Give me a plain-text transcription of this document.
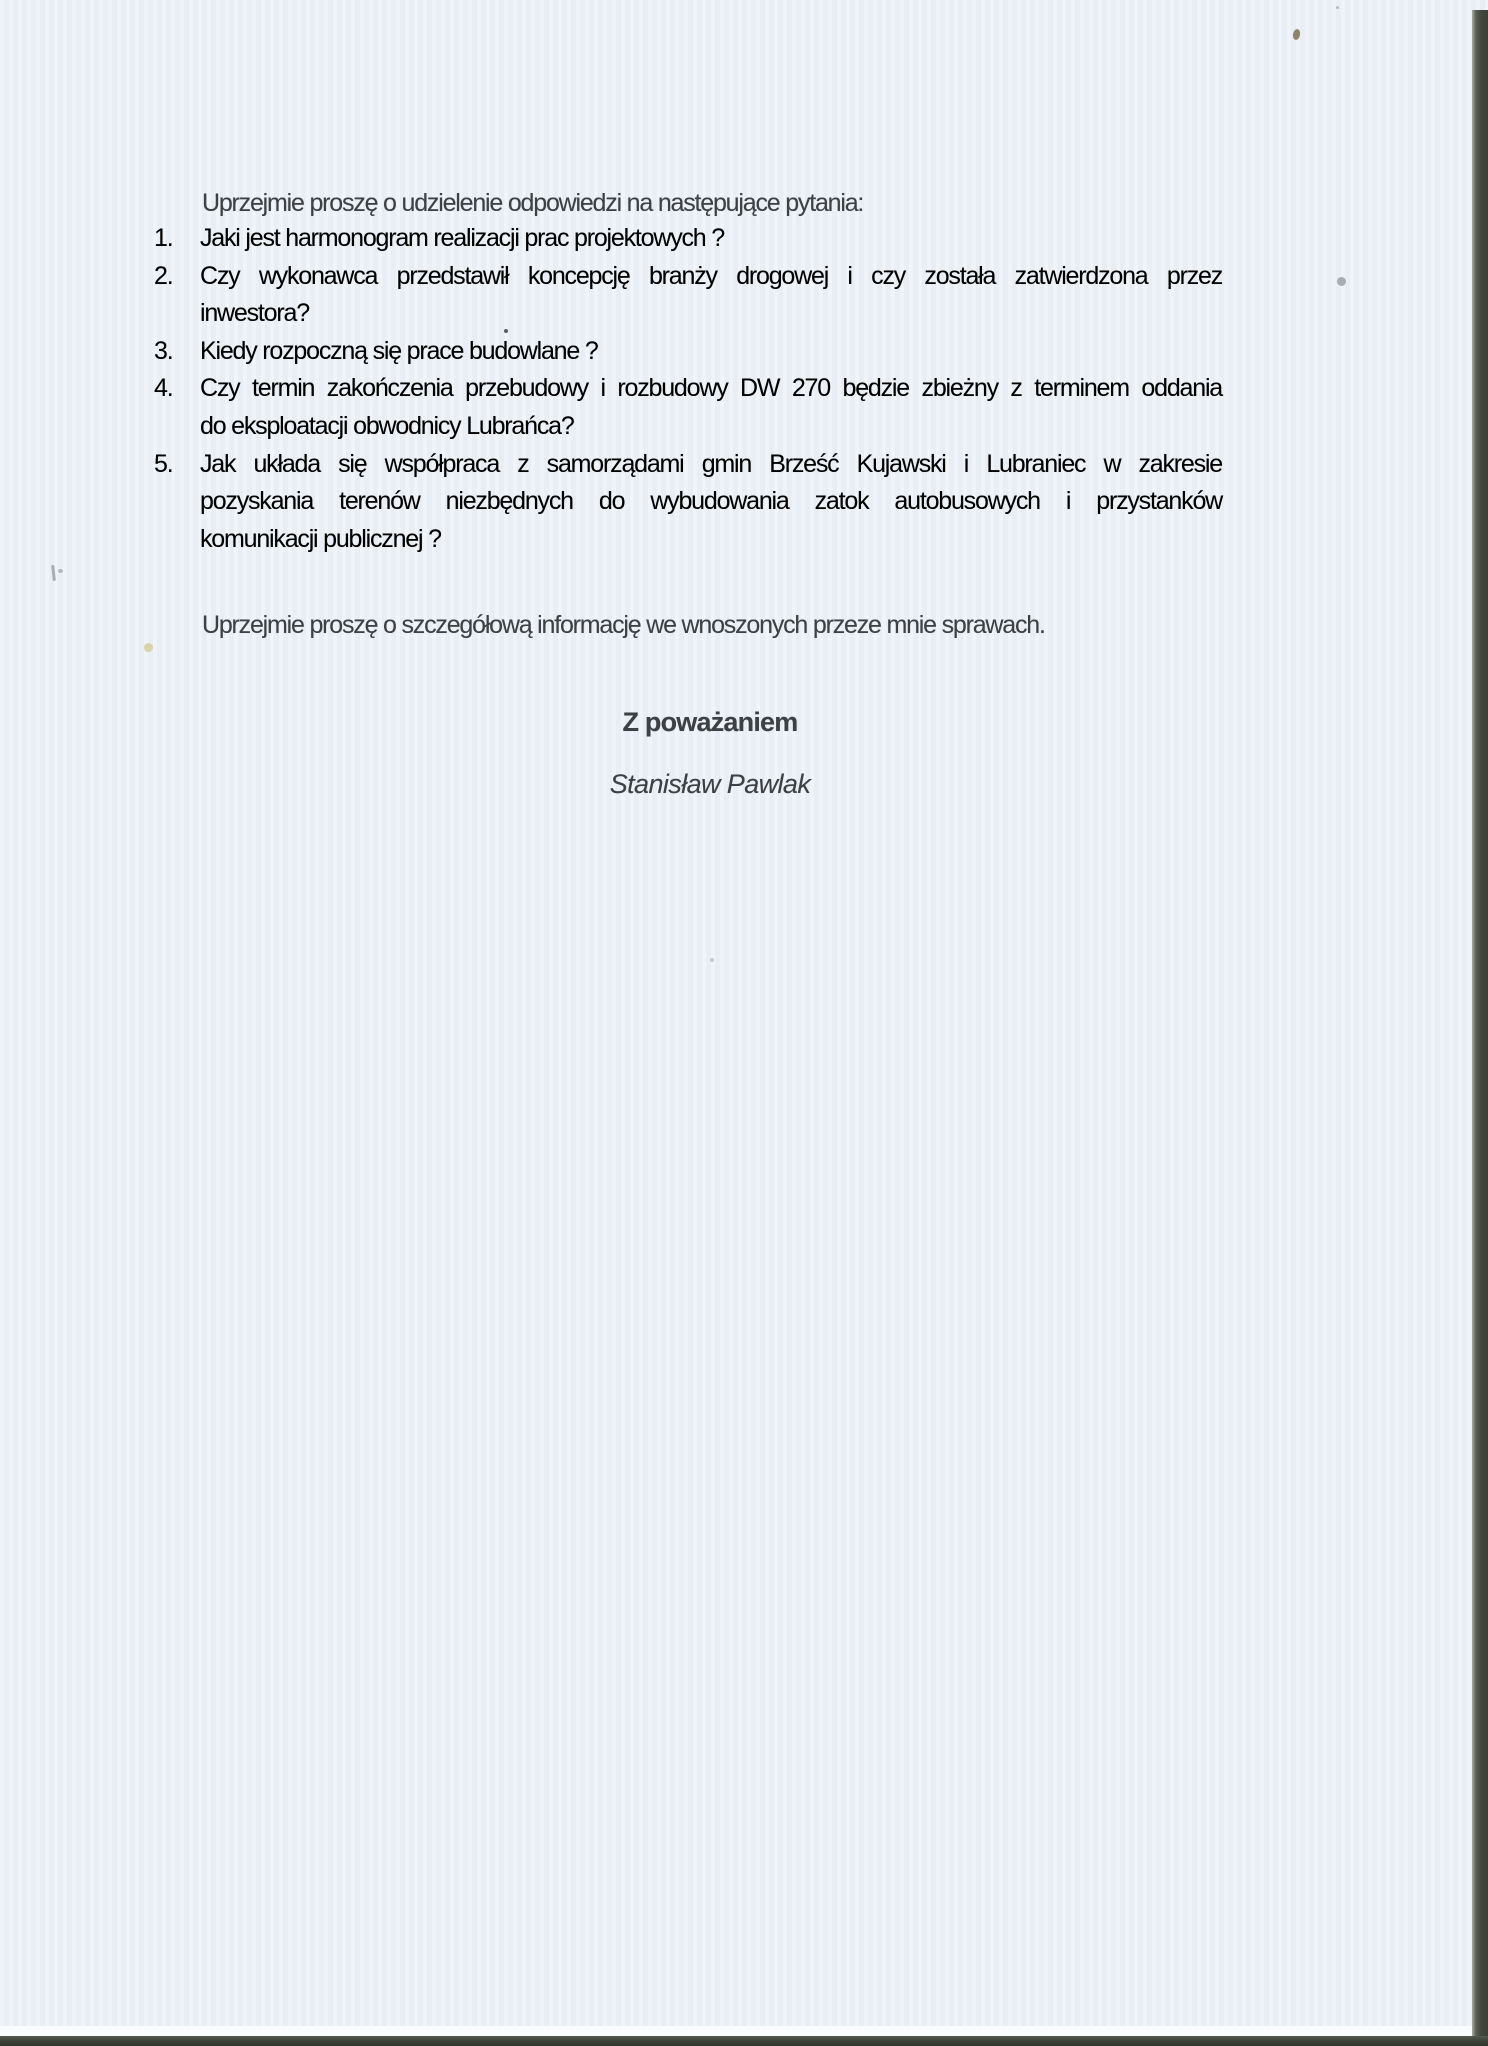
Uprzejmie proszę o udzielenie odpowiedzi na następujące pytania:

1.	Jaki jest harmonogram realizacji prac projektowych ?
2.	Czy wykonawca przedstawił koncepcję branży drogowej i czy została zatwierdzona przez
inwestora?
3.	Kiedy rozpoczną się prace budowlane ?
4.	Czy termin zakończenia przebudowy i rozbudowy DW 270 będzie zbieżny z terminem oddania
do eksploatacji obwodnicy Lubrańca?
5.	Jak układa się współpraca z samorządami gmin Brześć Kujawski i Lubraniec w zakresie
pozyskania terenów niezbędnych do wybudowania zatok autobusowych i przystanków
komunikacji publicznej ?

Uprzejmie proszę o szczegółową informację we wnoszonych przeze mnie sprawach.

Z poważaniem
Stanisław Pawlak
